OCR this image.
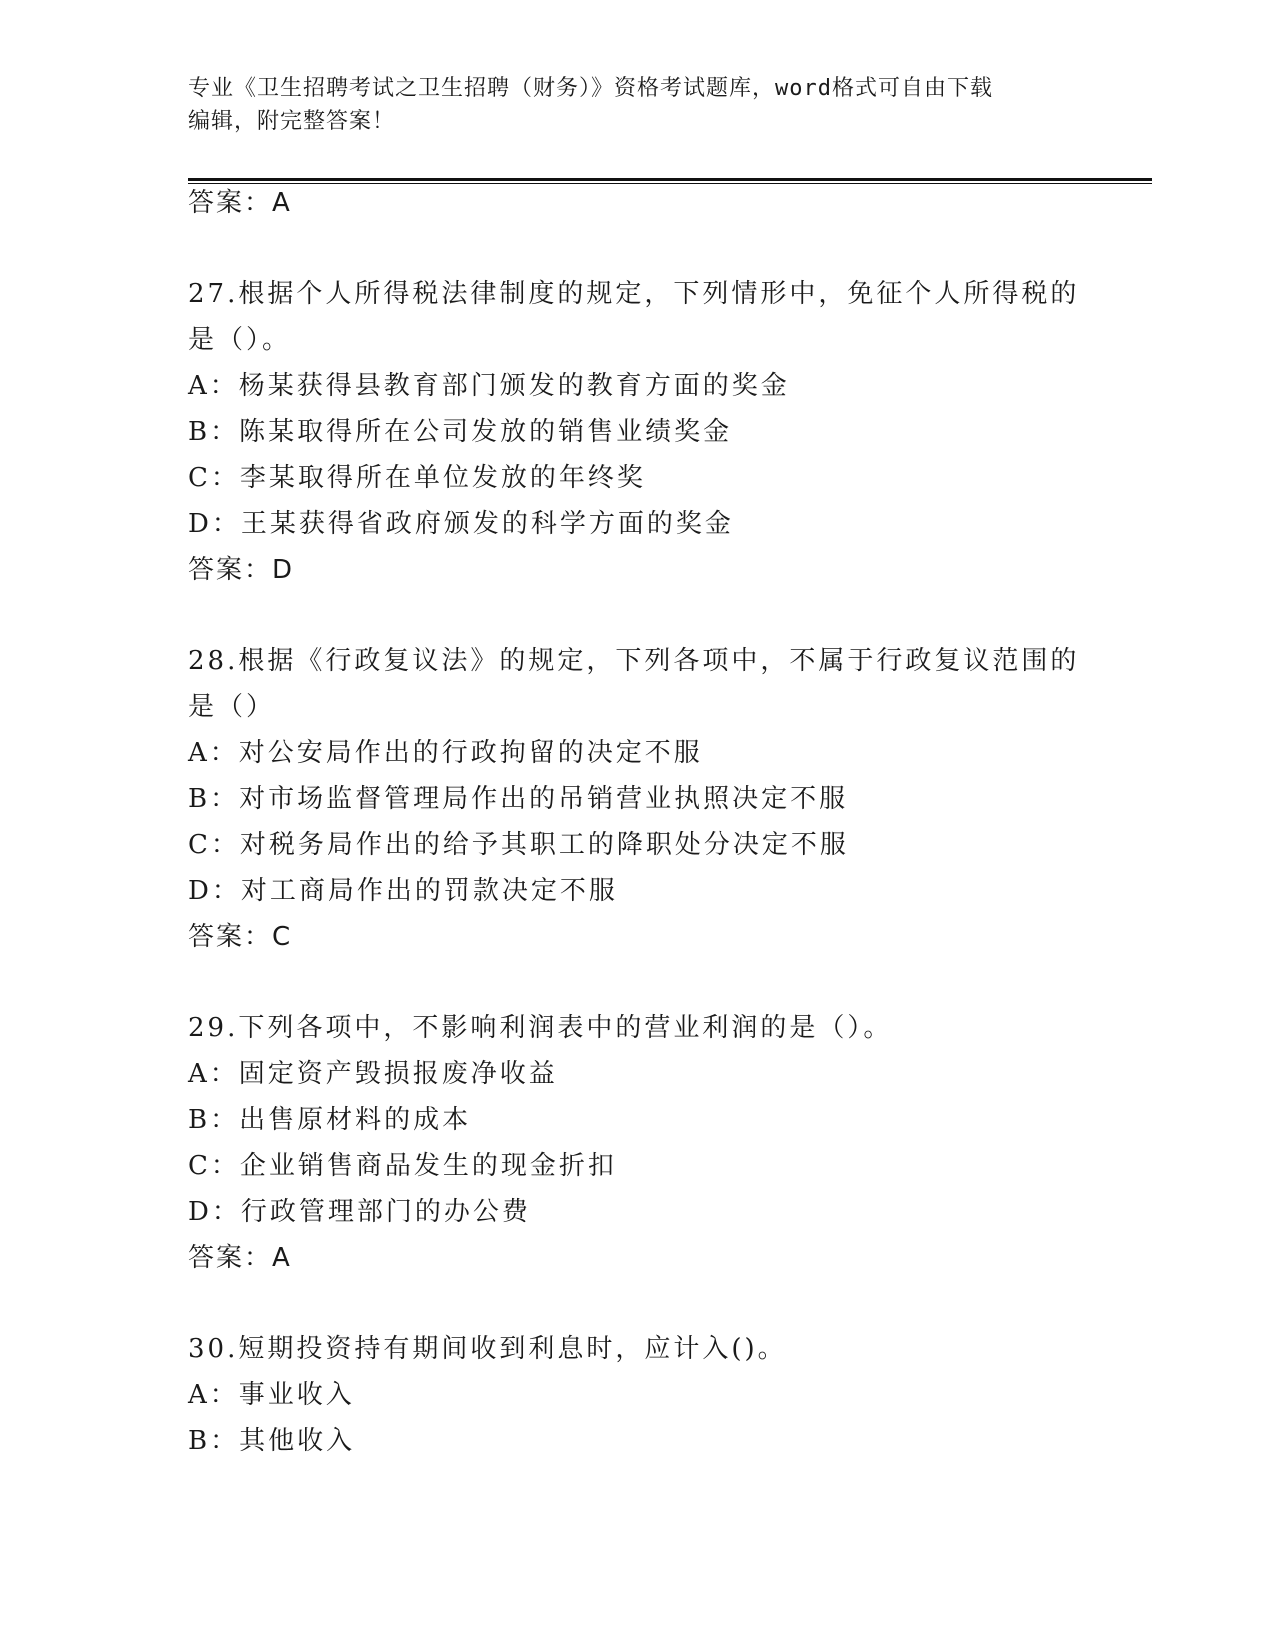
专业《卫生招聘考试之卫生招聘（财务）》资格考试题库，word格式可自由下载
编辑，附完整答案！
答案：A
27.根据个人所得税法律制度的规定，下列情形中，免征个人所得税的
是（）。
A：杨某获得县教育部门颁发的教育方面的奖金
B：陈某取得所在公司发放的销售业绩奖金
C：李某取得所在单位发放的年终奖
D：王某获得省政府颁发的科学方面的奖金
答案：D
28.根据《行政复议法》的规定，下列各项中，不属于行政复议范围的
是（）
A：对公安局作出的行政拘留的决定不服
B：对市场监督管理局作出的吊销营业执照决定不服
C：对税务局作出的给予其职工的降职处分决定不服
D：对工商局作出的罚款决定不服
答案：C
29.下列各项中，不影响利润表中的营业利润的是（）。
A：固定资产毁损报废净收益
B：出售原材料的成本
C：企业销售商品发生的现金折扣
D：行政管理部门的办公费
答案：A
30.短期投资持有期间收到利息时，应计入()。
A：事业收入
B：其他收入
